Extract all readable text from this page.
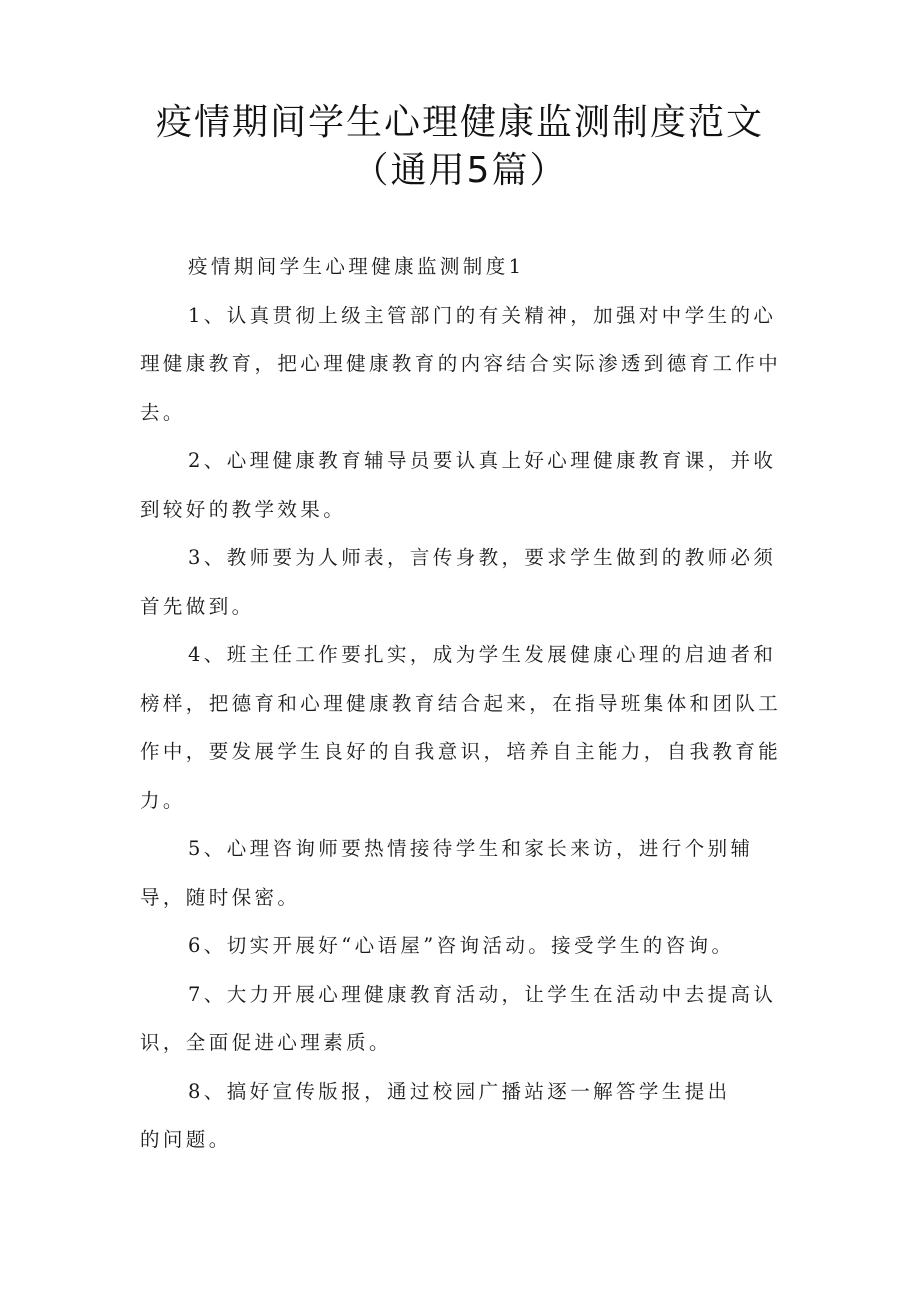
疫情期间学生心理健康监测制度范文
（通用5篇）

疫情期间学生心理健康监测制度1

1、认真贯彻上级主管部门的有关精神，加强对中学生的心理健康教育，把心理健康教育的内容结合实际渗透到德育工作中去。

2、心理健康教育辅导员要认真上好心理健康教育课，并收到较好的教学效果。

3、教师要为人师表，言传身教，要求学生做到的教师必须首先做到。

4、班主任工作要扎实，成为学生发展健康心理的启迪者和榜样，把德育和心理健康教育结合起来，在指导班集体和团队工作中，要发展学生良好的自我意识，培养自主能力，自我教育能力。

5、心理咨询师要热情接待学生和家长来访，进行个别辅导，随时保密。

6、切实开展好“心语屋”咨询活动。接受学生的咨询。

7、大力开展心理健康教育活动，让学生在活动中去提高认识，全面促进心理素质。

8、搞好宣传版报，通过校园广播站逐一解答学生提出

的问题。
